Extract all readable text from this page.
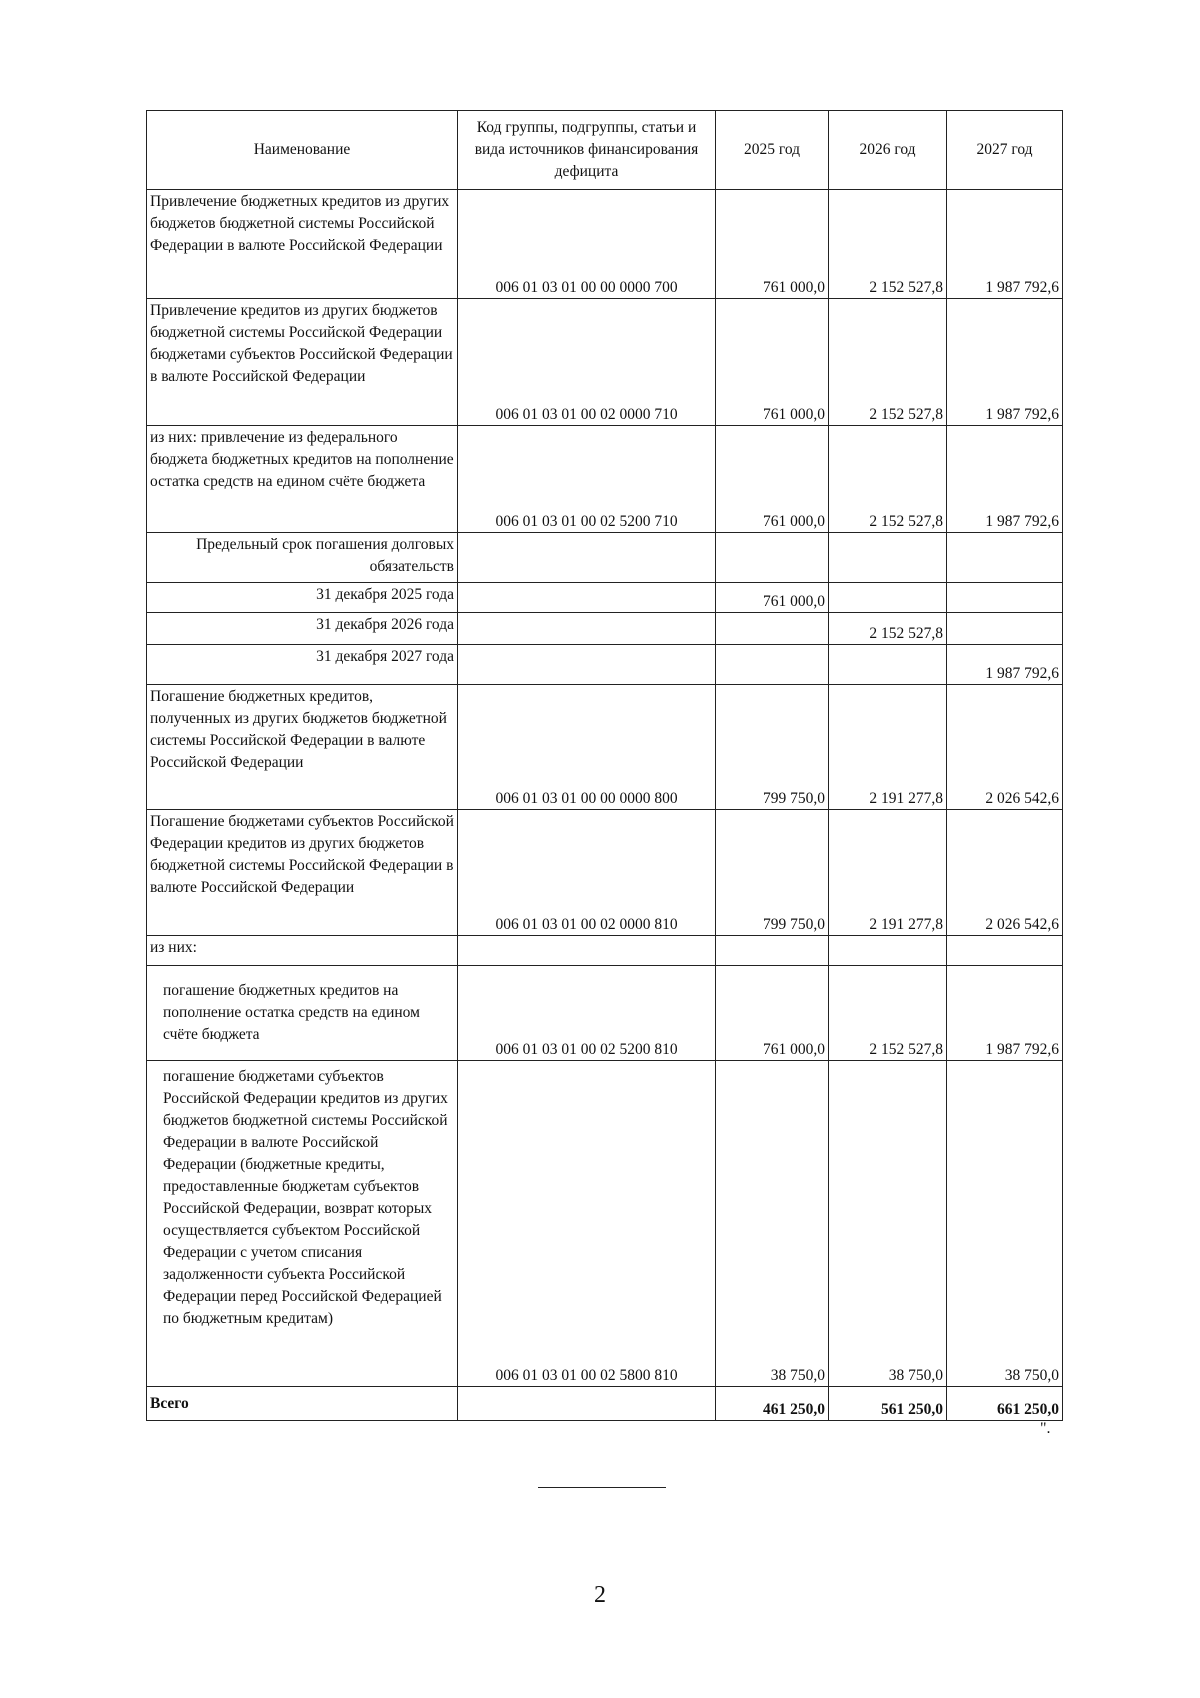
Наименование	Код группы, подгруппы, статьи и вида источников финансирования дефицита	2025 год	2026 год	2027 год
Привлечение бюджетных кредитов из других бюджетов бюджетной системы Российской Федерации в валюте Российской Федерации	006 01 03 01 00 00 0000 700	761 000,0	2 152 527,8	1 987 792,6
Привлечение кредитов из других бюджетов бюджетной системы Российской Федерации бюджетами субъектов Российской Федерации в валюте Российской Федерации	006 01 03 01 00 02 0000 710	761 000,0	2 152 527,8	1 987 792,6
из них: привлечение из федерального бюджета бюджетных кредитов на пополнение остатка средств на едином счёте бюджета	006 01 03 01 00 02 5200 710	761 000,0	2 152 527,8	1 987 792,6
Предельный срок погашения долговых обязательств				
31 декабря 2025 года		761 000,0		
31 декабря 2026 года			2 152 527,8	
31 декабря 2027 года				1 987 792,6
Погашение бюджетных кредитов, полученных из других бюджетов бюджетной системы Российской Федерации в валюте Российской Федерации	006 01 03 01 00 00 0000 800	799 750,0	2 191 277,8	2 026 542,6
Погашение бюджетами субъектов Российской Федерации кредитов из других бюджетов бюджетной системы Российской Федерации в валюте Российской Федерации	006 01 03 01 00 02 0000 810	799 750,0	2 191 277,8	2 026 542,6
из них:				
погашение бюджетных кредитов на пополнение остатка средств на едином счёте бюджета	006 01 03 01 00 02 5200 810	761 000,0	2 152 527,8	1 987 792,6
погашение бюджетами субъектов Российской Федерации кредитов из других бюджетов бюджетной системы Российской Федерации в валюте Российской Федерации (бюджетные кредиты, предоставленные бюджетам субъектов Российской Федерации, возврат которых осуществляется субъектом Российской Федерации с учетом списания задолженности субъекта Российской Федерации перед Российской Федерацией по бюджетным кредитам)	006 01 03 01 00 02 5800 810	38 750,0	38 750,0	38 750,0
Всего		461 250,0	561 250,0	661 250,0
".
2
